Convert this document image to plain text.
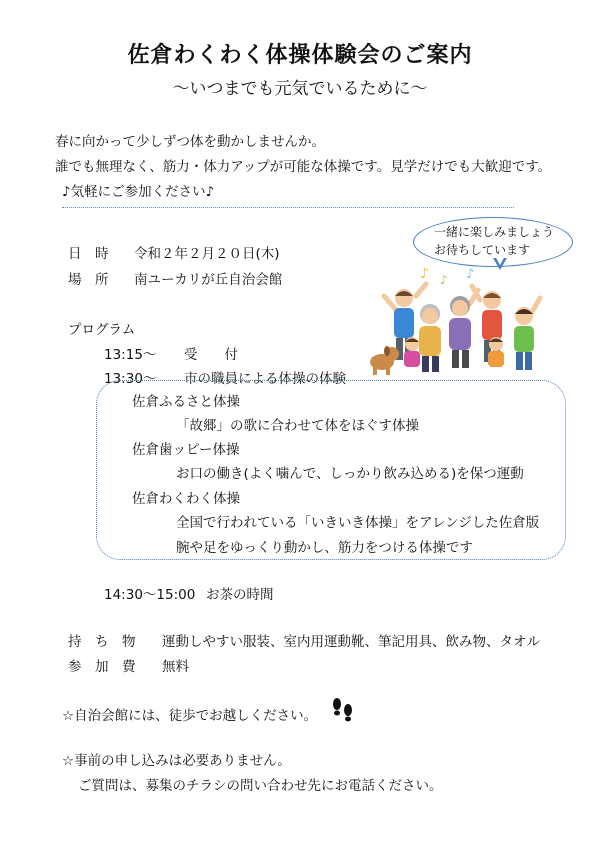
佐倉わくわく体操体験会のご案内
～いつまでも元気でいるために～
春に向かって少しずつ体を動かしませんか。
誰でも無理なく、筋力・体力アップが可能な体操です。見学だけでも大歓迎です。
♪気軽にご参加ください♪
一緒に楽しみましょう
お待ちしています
♪ ♪ ♪
日　時 令和２年２月２０日(木)
場　所 南ユーカリが丘自治会館
プログラム
13:15～ 受　　付
13:30～ 市の職員による体操の体験
佐倉ふるさと体操
「故郷」の歌に合わせて体をほぐす体操
佐倉歯ッピー体操
お口の働き(よく噛んで、しっかり飲み込める)を保つ運動
佐倉わくわく体操
全国で行われている「いきいき体操」をアレンジした佐倉版
腕や足をゆっくり動かし、筋力をつける体操です
14:30～15:00 お茶の時間
持　ち　物 運動しやすい服装、室内用運動靴、筆記用具、飲み物、タオル
参　加　費 無料
☆自治会館には、徒歩でお越しください。
☆事前の申し込みは必要ありません。
ご質問は、募集のチラシの問い合わせ先にお電話ください。
